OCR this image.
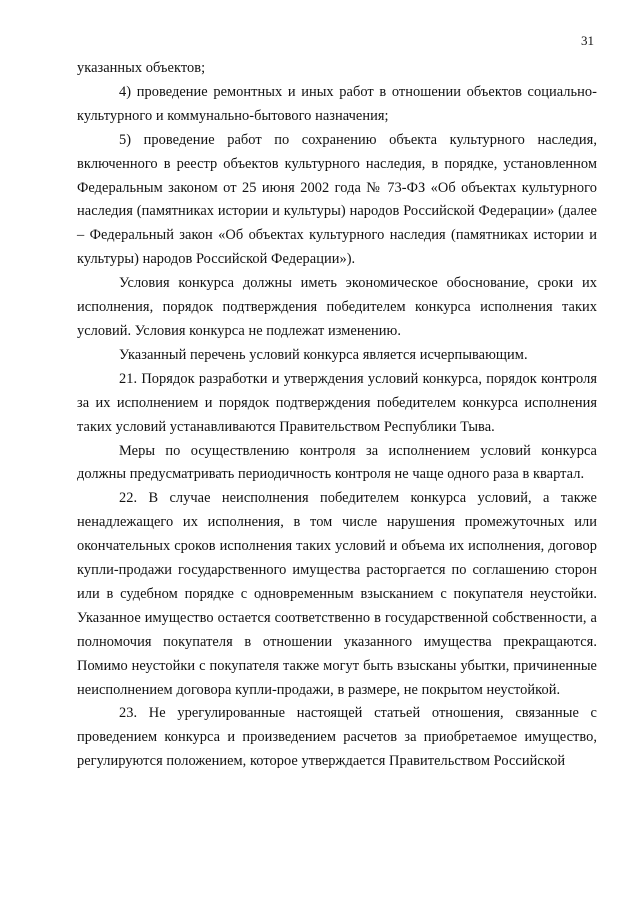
31

указанных объектов;

4) проведение ремонтных и иных работ в отношении объектов социально-культурного и коммунально-бытового назначения;

5) проведение работ по сохранению объекта культурного наследия, включенного в реестр объектов культурного наследия, в порядке, установленном Федеральным законом от 25 июня 2002 года № 73-ФЗ «Об объектах культурного наследия (памятниках истории и культуры) народов Российской Федерации» (далее – Федеральный закон «Об объектах культурного наследия (памятниках истории и культуры) народов Российской Федерации»).

Условия конкурса должны иметь экономическое обоснование, сроки их исполнения, порядок подтверждения победителем конкурса исполнения таких условий. Условия конкурса не подлежат изменению.

Указанный перечень условий конкурса является исчерпывающим.

21. Порядок разработки и утверждения условий конкурса, порядок контроля за их исполнением и порядок подтверждения победителем конкурса исполнения таких условий устанавливаются Правительством Республики Тыва.

Меры по осуществлению контроля за исполнением условий конкурса должны предусматривать периодичность контроля не чаще одного раза в квартал.

22. В случае неисполнения победителем конкурса условий, а также ненадлежащего их исполнения, в том числе нарушения промежуточных или окончательных сроков исполнения таких условий и объема их исполнения, договор купли-продажи государственного имущества расторгается по соглашению сторон или в судебном порядке с одновременным взысканием с покупателя неустойки. Указанное имущество остается соответственно в государственной собственности, а полномочия покупателя в отношении указанного имущества прекращаются. Помимо неустойки с покупателя также могут быть взысканы убытки, причиненные неисполнением договора купли-продажи, в размере, не покрытом неустойкой.

23. Не урегулированные настоящей статьей отношения, связанные с проведением конкурса и произведением расчетов за приобретаемое имущество, регулируются положением, которое утверждается Правительством Российской
